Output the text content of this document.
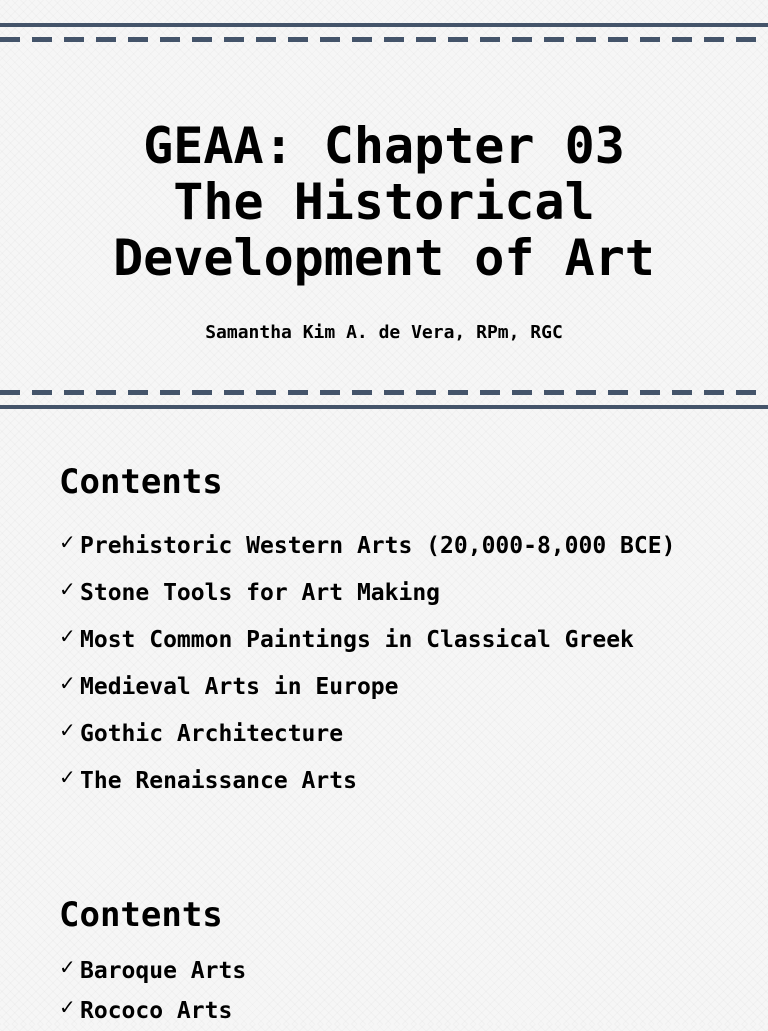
GEAA: Chapter 03
The Historical
Development of Art
Samantha Kim A. de Vera, RPm, RGC
Contents
✓ Prehistoric Western Arts (20,000-8,000 BCE)
✓ Stone Tools for Art Making
✓ Most Common Paintings in Classical Greek
✓ Medieval Arts in Europe
✓ Gothic Architecture
✓ The Renaissance Arts
Contents
✓ Baroque Arts
✓ Rococo Arts
